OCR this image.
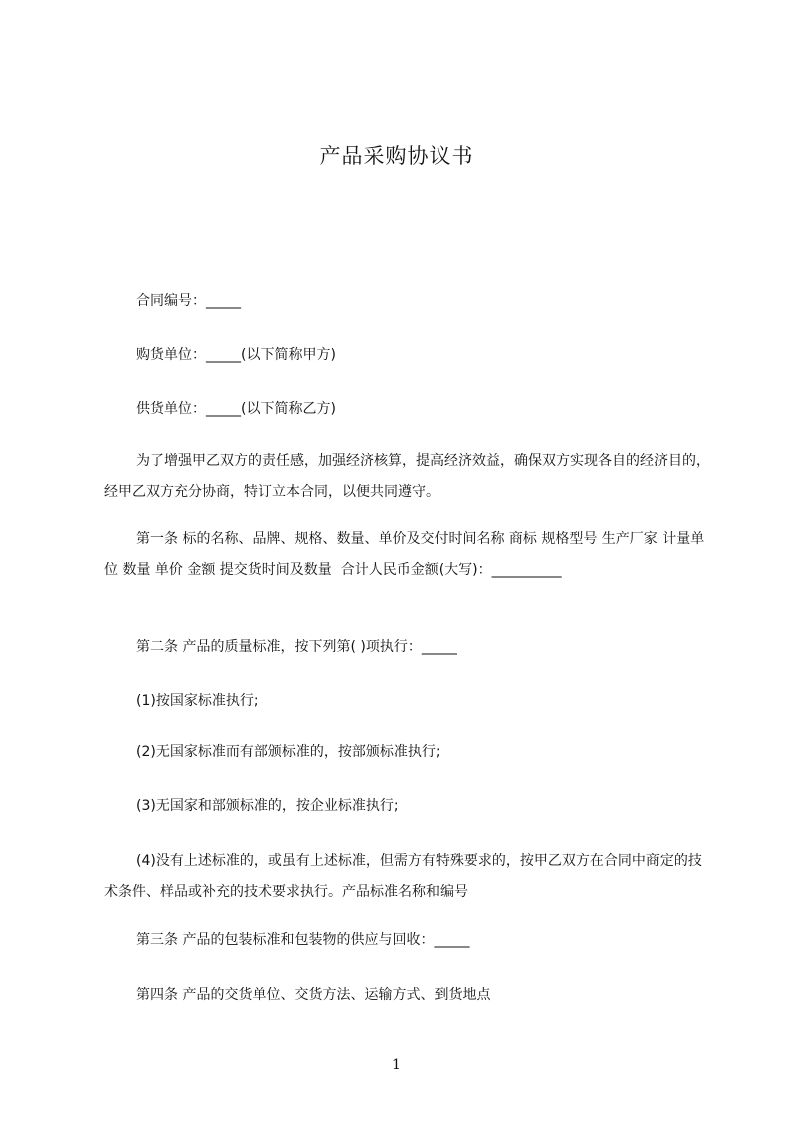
产品采购协议书
合同编号：_____
购货单位：_____(以下简称甲方)
供货单位：_____(以下简称乙方)
为了增强甲乙双方的责任感，加强经济核算，提高经济效益，确保双方实现各自的经济目的，经甲乙双方充分协商，特订立本合同，以便共同遵守。
第一条 标的名称、品牌、规格、数量、单价及交付时间名称 商标 规格型号 生产厂家 计量单位 数量 单价 金额 提交货时间及数量  合计人民币金额(大写)：__________
第二条 产品的质量标准，按下列第( )项执行：_____
(1)按国家标准执行;
(2)无国家标准而有部颁标准的，按部颁标准执行;
(3)无国家和部颁标准的，按企业标准执行;
(4)没有上述标准的，或虽有上述标准，但需方有特殊要求的，按甲乙双方在合同中商定的技术条件、样品或补充的技术要求执行。产品标准名称和编号
第三条 产品的包装标准和包装物的供应与回收：_____
第四条 产品的交货单位、交货方法、运输方式、到货地点
1
